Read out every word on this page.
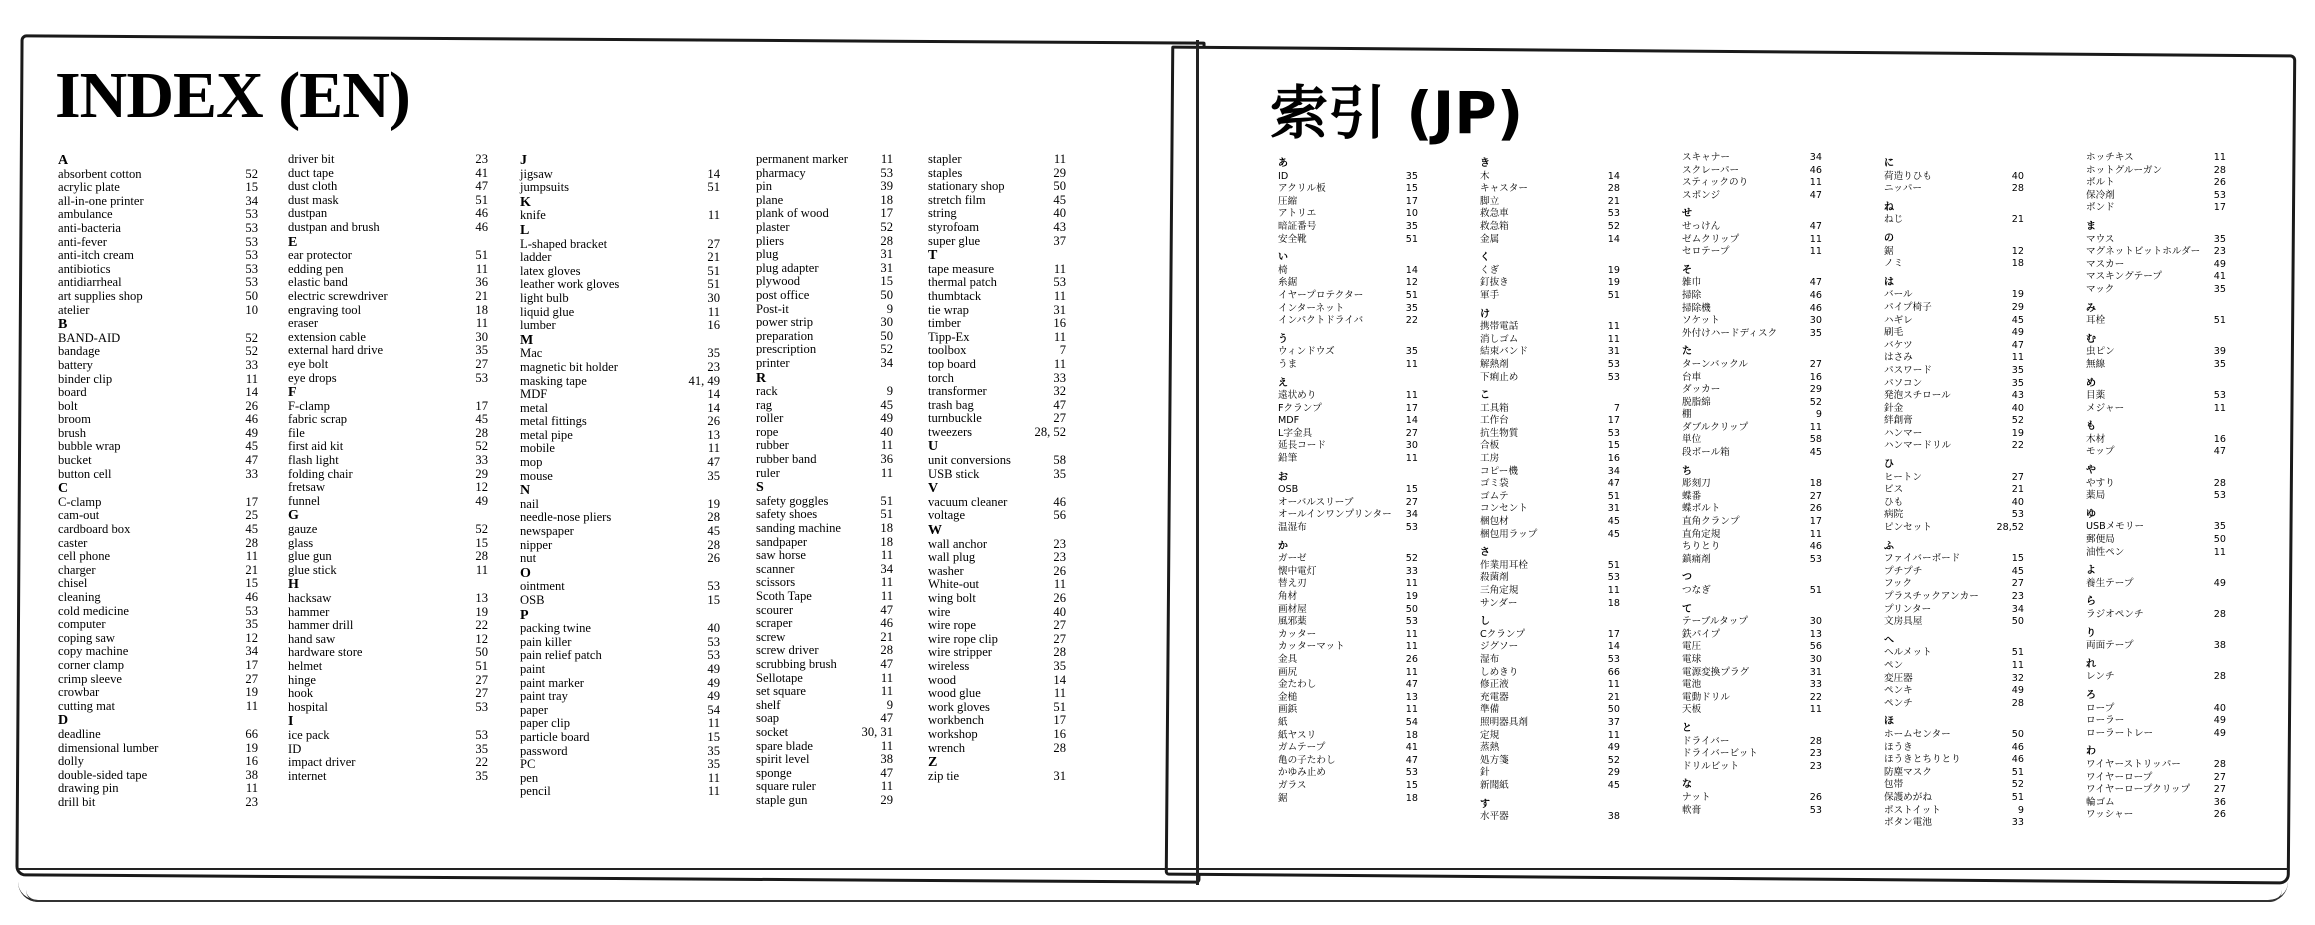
INDEX (EN)	索引 (JP)
A
absorbent cotton	52
acrylic plate	15
all-in-one printer	34
ambulance	53
anti-bacteria	53
anti-fever	53
anti-itch cream	53
antibiotics	53
antidiarrheal	53
art supplies shop	50
atelier	10
B
BAND-AID	52
bandage	52
battery	33
binder clip	11
board	14
bolt	26
broom	46
brush	49
bubble wrap	45
bucket	47
button cell	33
C
C-clamp	17
cam-out	25
cardboard box	45
caster	28
cell phone	11
charger	21
chisel	15
cleaning	46
cold medicine	53
computer	35
coping saw	12
copy machine	34
corner clamp	17
crimp sleeve	27
crowbar	19
cutting mat	11
D
deadline	66
dimensional lumber	19
dolly	16
double-sided tape	38
drawing pin	11
drill bit	23
driver bit	23
duct tape	41
dust cloth	47
dust mask	51
dustpan	46
dustpan and brush	46
E
ear protector	51
edding pen	11
elastic band	36
electric screwdriver	21
engraving tool	18
eraser	11
extension cable	30
external hard drive	35
eye bolt	27
eye drops	53
F
F-clamp	17
fabric scrap	45
file	28
first aid kit	52
flash light	33
folding chair	29
fretsaw	12
funnel	49
G
gauze	52
glass	15
glue gun	28
glue stick	11
H
hacksaw	13
hammer	19
hammer drill	22
hand saw	12
hardware store	50
helmet	51
hinge	27
hook	27
hospital	53
I
ice pack	53
ID	35
impact driver	22
internet	35
J
jigsaw	14
jumpsuits	51
K
knife	11
L
L-shaped bracket	27
ladder	21
latex gloves	51
leather work gloves	51
light bulb	30
liquid glue	11
lumber	16
M
Mac	35
magnetic bit holder	23
masking tape	41, 49
MDF	14
metal	14
metal fittings	26
metal pipe	13
mobile	11
mop	47
mouse	35
N
nail	19
needle-nose pliers	28
newspaper	45
nipper	28
nut	26
O
ointment	53
OSB	15
P
packing twine	40
pain killer	53
pain relief patch	53
paint	49
paint marker	49
paint tray	49
paper	54
paper clip	11
particle board	15
password	35
PC	35
pen	11
pencil	11
permanent marker	11
pharmacy	53
pin	39
plane	18
plank of wood	17
plaster	52
pliers	28
plug	31
plug adapter	31
plywood	15
post office	50
Post-it	9
power strip	30
preparation	50
prescription	52
printer	34
R
rack	9
rag	45
roller	49
rope	40
rubber	11
rubber band	36
ruler	11
S
safety goggles	51
safety shoes	51
sanding machine	18
sandpaper	18
saw horse	11
scanner	34
scissors	11
Scoth Tape	11
scourer	47
scraper	46
screw	21
screw driver	28
scrubbing brush	47
Sellotape	11
set square	11
shelf	9
soap	47
socket	30, 31
spare blade	11
spirit level	38
sponge	47
square ruler	11
staple gun	29
stapler	11
staples	29
stationary shop	50
stretch film	45
string	40
styrofoam	43
super glue	37
T
tape measure	11
thermal patch	53
thumbtack	11
tie wrap	31
timber	16
Tipp-Ex	11
toolbox	7
top board	11
torch	33
transformer	32
trash bag	47
turnbuckle	27
tweezers	28, 52
U
unit conversions	58
USB stick	35
V
vacuum cleaner	46
voltage	56
W
wall anchor	23
wall plug	23
washer	26
White-out	11
wing bolt	26
wire	40
wire rope	27
wire rope clip	27
wire stripper	28
wireless	35
wood	14
wood glue	11
work gloves	51
workbench	17
workshop	16
wrench	28
Z
zip tie	31
あ
ID	35
アクリル板	15
圧縮	17
アトリエ	10
暗証番号	35
安全靴	51
い
椅	14
糸鋸	12
イヤープロテクター	51
インターネット	35
インパクトドライバ	22
う
ウィンドウズ	35
うま	11
え
遠状めり	11
Fクランプ	17
MDF	14
L字金具	27
延長コード	30
鉛筆	11
お
OSB	15
オーバルスリーブ	27
オールインワンプリンター 34
温湿布	53
か
ガーゼ	52
懐中電灯	33
替え刃	11
角材	19
画材屋	50
風邪薬	53
カッター	11
カッターマット	11
金具	26
画尻	11
金たわし	47
金槌	13
画鋲	11
紙	54
紙ヤスリ	18
ガムテープ	41
亀の子たわし	47
かゆみ止め	53
ガラス	15
鋸	18
き
木	14
キャスター	28
脚立	21
救急車	53
救急箱	52
金属	14
く
くぎ	19
釘抜き	19
軍手	51
け
携帯電話	11
消しゴム	11
結束バンド	31
解熱剤	53
下痢止め	53
こ
工具箱	7
工作台	17
抗生物質	53
合板	15
工房	16
コピー機	34
ゴミ袋	47
ゴムテ	51
コンセント	31
梱包材	45
梱包用ラップ	45
さ
作業用耳栓	51
殺菌剤	53
三角定規	11
サンダー	18
し
Cクランプ	17
ジグソー	14
湿布	53
しめきり	66
修正液	11
充電器	21
準備	50
照明器具剤	37
定規	11
蒸熱	49
処方箋	52
針	29
新聞紙	45
す
水平器	38
スキャナー	34
スクレーパー	46
スティックのり	11
スポンジ	47
せ
せっけん	47
ゼムクリップ	11
セロテープ	11
そ
雑巾	47
掃除	46
掃除機	46
ソケット	30
外付けハードディスク	35
た
ターンバックル	27
台車	16
ダッカー	29
脱脂綿	52
棚	9
ダブルクリップ	11
単位	58
段ボール箱	45
ち
彫刻刀	18
蝶番	27
蝶ボルト	26
直角クランプ	17
直角定規	11
ちりとり	46
鎮痛剤	53
つ
つなぎ	51
て
テーブルタップ	30
鉄パイプ	13
電圧	56
電球	30
電源変換プラグ	31
電池	33
電動ドリル	22
天板	11
と
ドライバー	28
ドライバービット	23
ドリルビット	23
な
ナット	26
軟膏	53
に
荷造りひも	40
ニッパー	28
ね
ねじ	21
の
鋸	12
ノミ	18
は
バール	19
パイプ椅子	29
ハギレ	45
刷毛	49
バケツ	47
はさみ	11
パスワード	35
パソコン	35
発泡スチロール	43
針金	40
絆創膏	52
ハンマー	19
ハンマードリル	22
ひ
ヒートン	27
ビス	21
ひも	40
病院	53
ピンセット	28,52
ふ
ファイバーボード	15
プチプチ	45
フック	27
プラスチックアンカー	23
プリンター	34
文房具屋	50
へ
ヘルメット	51
ペン	11
変圧器	32
ペンキ	49
ペンチ	28
ほ
ホームセンター	50
ほうき	46
ほうきとちりとり	46
防塵マスク	51
包帯	52
保護めがね	51
ポストイット	9
ボタン電池	33
ホッチキス	11
ホットグルーガン	28
ボルト	26
保冷剤	53
ボンド	17
ま
マウス	35
マグネットビットホルダー 23
マスカー	49
マスキングテープ	41
マック	35
み
耳栓	51
む
虫ピン	39
無線	35
め
目薬	53
メジャー	11
も
木材	16
モップ	47
や
やすり	28
薬局	53
ゆ
USBメモリー	35
郵便局	50
油性ペン	11
よ
養生テープ	49
ら
ラジオペンチ	28
り
両面テープ	38
れ
レンチ	28
ろ
ロープ	40
ローラー	49
ローラートレー	49
わ
ワイヤーストリッパー	28
ワイヤーロープ	27
ワイヤーロープクリップ 27
輪ゴム	36
ワッシャー	26
